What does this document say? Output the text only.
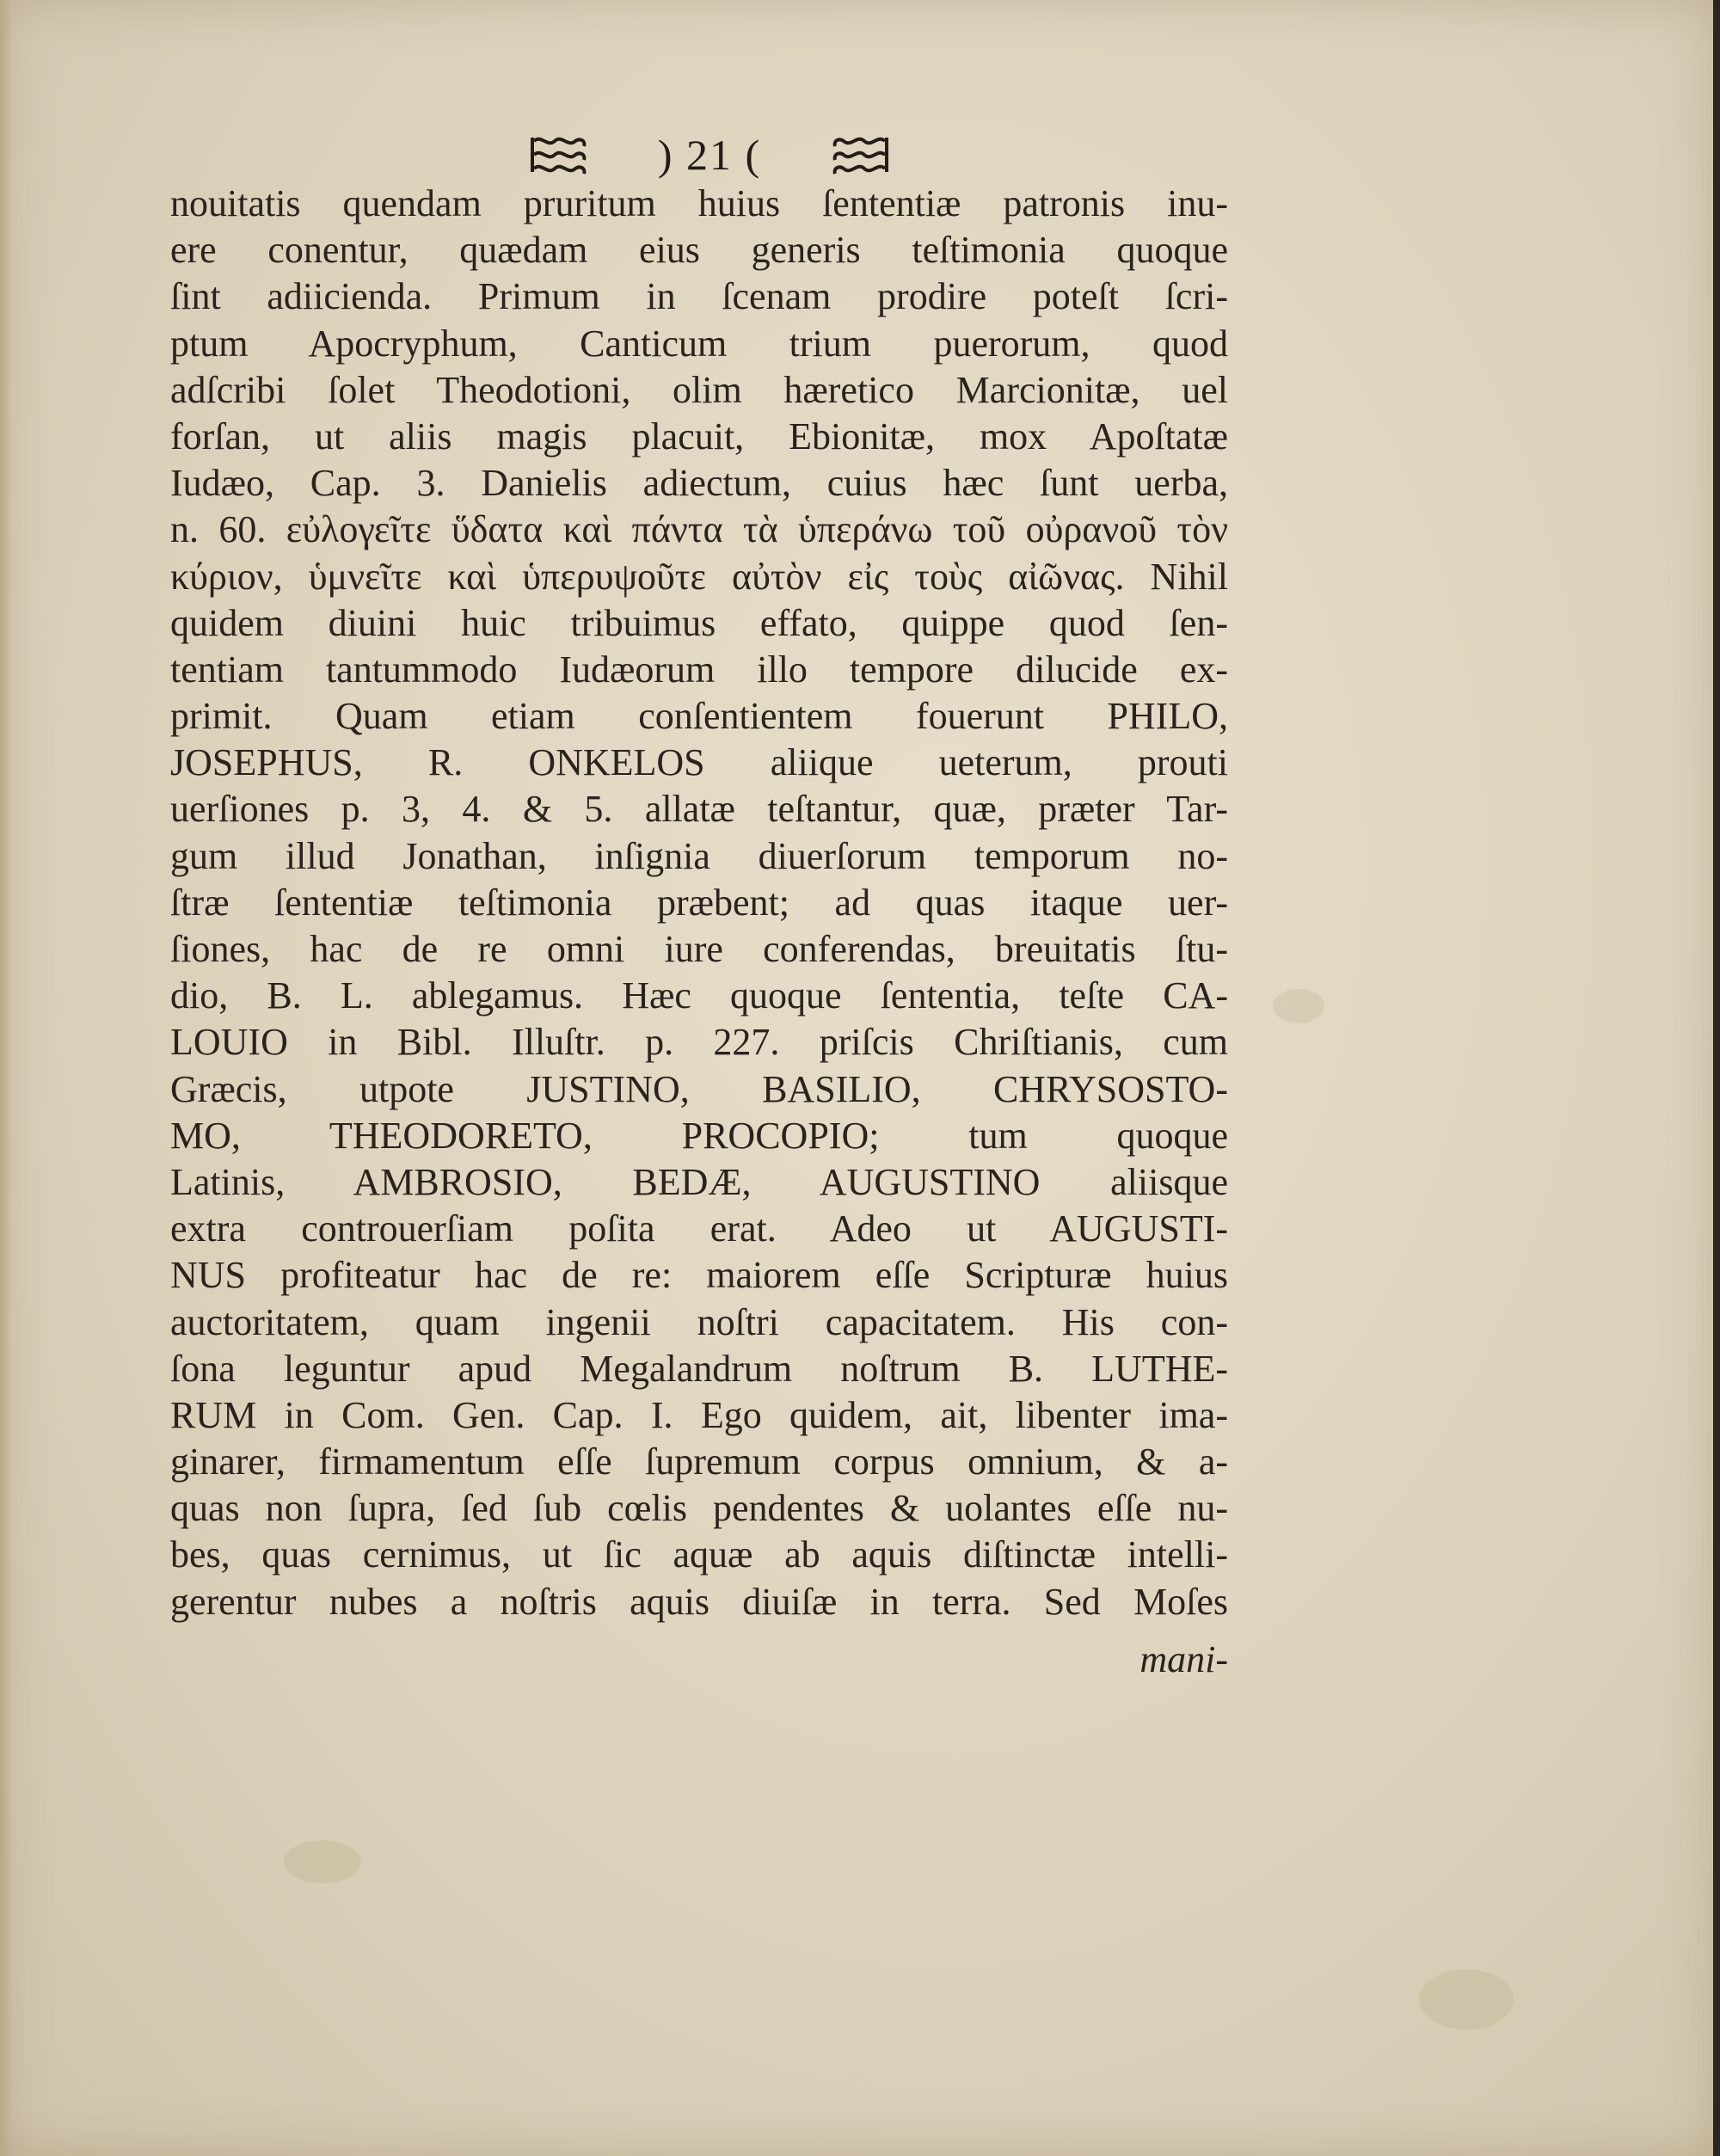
) 21 (
nouitatis quendam pruritum huius ſententiæ patronis inu-
ere conentur, quædam eius generis teſtimonia quoque
ſint adiicienda. Primum in ſcenam prodire poteſt ſcri-
ptum Apocryphum, Canticum trium puerorum, quod
adſcribi ſolet Theodotioni, olim hæretico Marcionitæ, uel
forſan, ut aliis magis placuit, Ebionitæ, mox Apoſtatæ
Iudæo, Cap. 3. Danielis adiectum, cuius hæc ſunt uerba,
n. 60. εὐλογεῖτε ὕδατα καὶ πάντα τὰ ὑπεράνω τοῦ οὐρανοῦ τὸν
κύριον, ὑμνεῖτε καὶ ὑπερυψοῦτε αὐτὸν εἰς τοὺς αἰῶνας. Nihil
quidem diuini huic tribuimus effato, quippe quod ſen-
tentiam tantummodo Iudæorum illo tempore dilucide ex-
primit. Quam etiam conſentientem fouerunt PHILO,
JOSEPHUS, R. ONKELOS aliique ueterum, prouti
uerſiones p. 3, 4. & 5. allatæ teſtantur, quæ, præter Tar-
gum illud Jonathan, inſignia diuerſorum temporum no-
ſtræ ſententiæ teſtimonia præbent; ad quas itaque uer-
ſiones, hac de re omni iure conferendas, breuitatis ſtu-
dio, B. L. ablegamus. Hæc quoque ſententia, teſte CA-
LOUIO in Bibl. Illuſtr. p. 227. priſcis Chriſtianis, cum
Græcis, utpote JUSTINO, BASILIO, CHRYSOSTO-
MO, THEODORETO, PROCOPIO; tum quoque
Latinis, AMBROSIO, BEDÆ, AUGUSTINO aliisque
extra controuerſiam poſita erat. Adeo ut AUGUSTI-
NUS profiteatur hac de re: maiorem eſſe Scripturæ huius
auctoritatem, quam ingenii noſtri capacitatem. His con-
ſona leguntur apud Megalandrum noſtrum B. LUTHE-
RUM in Com. Gen. Cap. I. Ego quidem, ait, libenter ima-
ginarer, firmamentum eſſe ſupremum corpus omnium, & a-
quas non ſupra, ſed ſub cœlis pendentes & uolantes eſſe nu-
bes, quas cernimus, ut ſic aquæ ab aquis diſtinctæ intelli-
gerentur nubes a noſtris aquis diuiſæ in terra. Sed Moſes
mani-
